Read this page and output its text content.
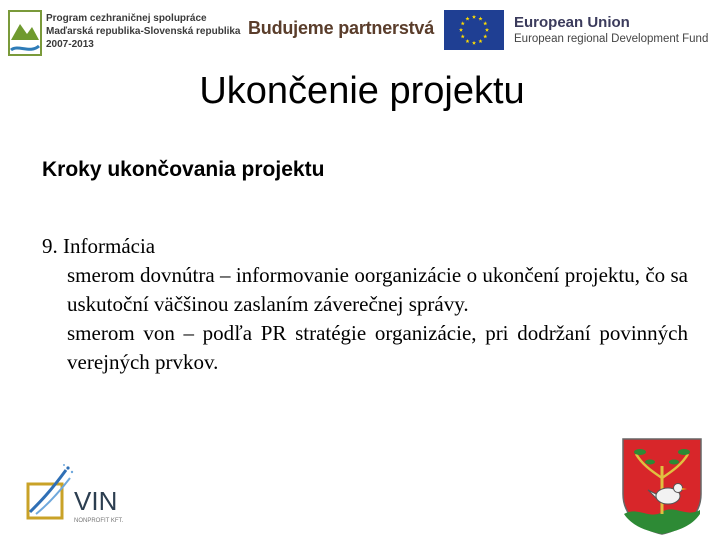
Program cezhraničnej spolupráce
Maďarská republika-Slovenská republika
2007-2013
Budujeme partnerstvá	European Union
European regional Development Fund
Ukončenie projektu
Kroky ukončovania projektu
9. Informácia
smerom dovnútra – informovanie oorganizácie o ukončení projektu, čo sa uskutoční väčšinou zaslaním záverečnej správy.
smerom von – podľa PR stratégie organizácie, pri dodržaní povinných verejných prvkov.
VIN
NONPROFIT KFT.
